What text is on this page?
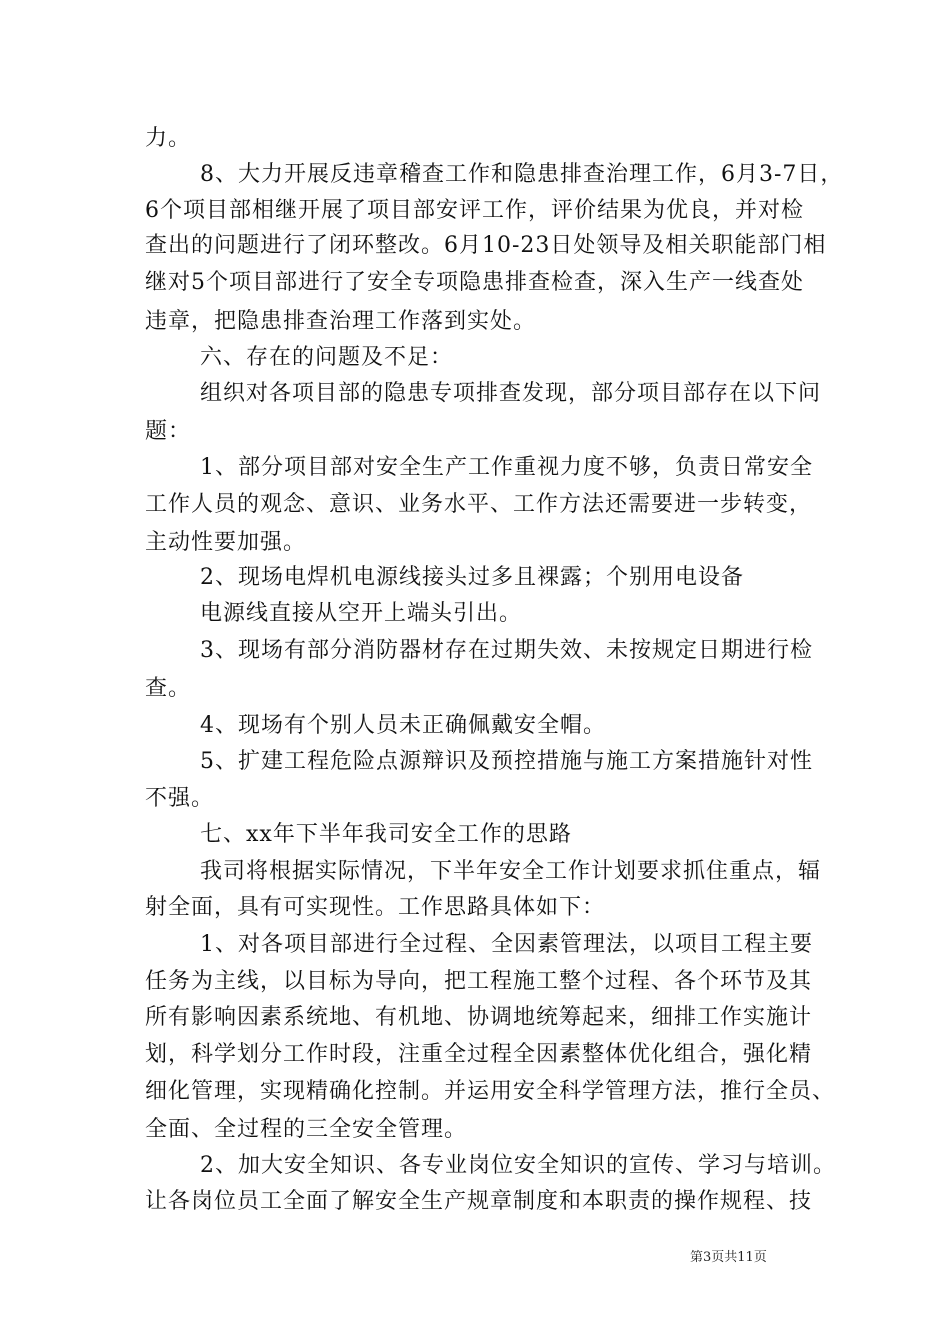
力。
8、大力开展反违章稽查工作和隐患排查治理工作，6月3-7日，
6个项目部相继开展了项目部安评工作，评价结果为优良，并对检
查出的问题进行了闭环整改。6月10-23日处领导及相关职能部门相
继对5个项目部进行了安全专项隐患排查检查，深入生产一线查处
违章，把隐患排查治理工作落到实处。
六、存在的问题及不足：
组织对各项目部的隐患专项排查发现，部分项目部存在以下问
题：
1、部分项目部对安全生产工作重视力度不够，负责日常安全
工作人员的观念、意识、业务水平、工作方法还需要进一步转变，
主动性要加强。
2、现场电焊机电源线接头过多且裸露；个别用电设备
电源线直接从空开上端头引出。
3、现场有部分消防器材存在过期失效、未按规定日期进行检
查。
4、现场有个别人员未正确佩戴安全帽。
5、扩建工程危险点源辩识及预控措施与施工方案措施针对性
不强。
七、xx年下半年我司安全工作的思路
我司将根据实际情况，下半年安全工作计划要求抓住重点，辐
射全面，具有可实现性。工作思路具体如下：
1、对各项目部进行全过程、全因素管理法，以项目工程主要
任务为主线，以目标为导向，把工程施工整个过程、各个环节及其
所有影响因素系统地、有机地、协调地统筹起来，细排工作实施计
划，科学划分工作时段，注重全过程全因素整体优化组合，强化精
细化管理，实现精确化控制。并运用安全科学管理方法，推行全员、
全面、全过程的三全安全管理。
2、加大安全知识、各专业岗位安全知识的宣传、学习与培训。
让各岗位员工全面了解安全生产规章制度和本职责的操作规程、技
第3页共11页
